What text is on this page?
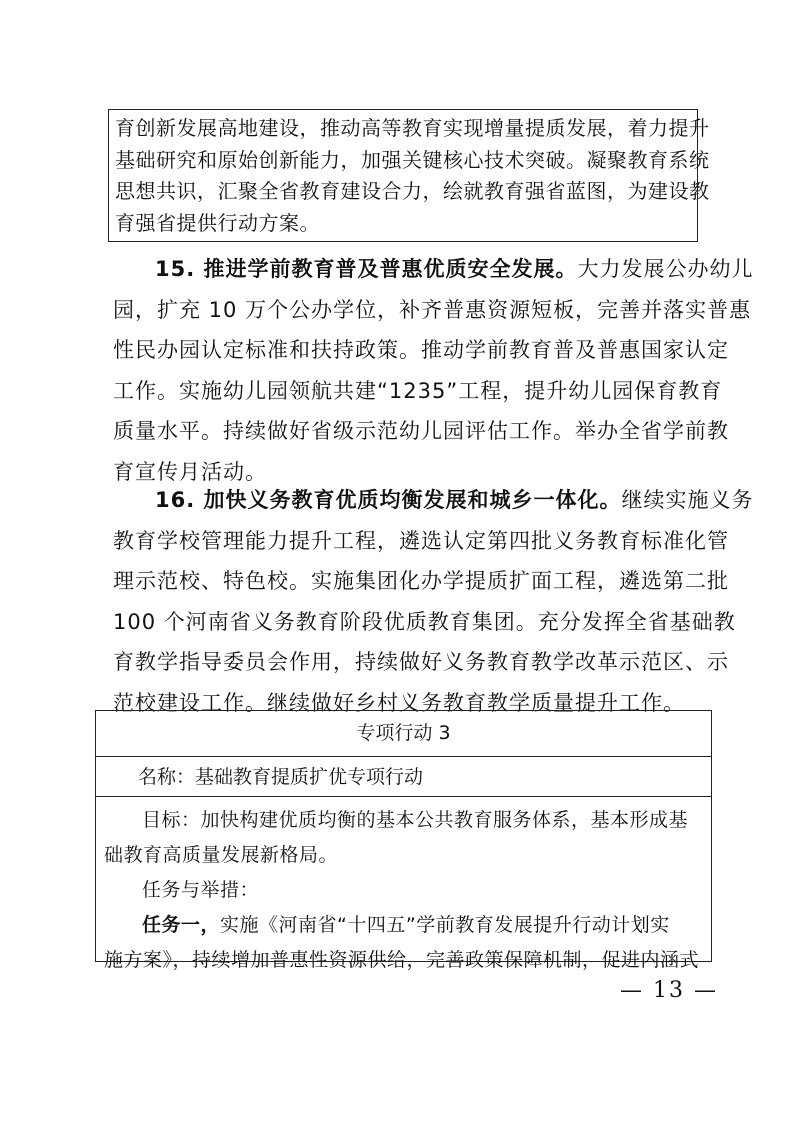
育创新发展高地建设，推动高等教育实现增量提质发展，着力提升
基础研究和原始创新能力，加强关键核心技术突破。凝聚教育系统
思想共识，汇聚全省教育建设合力，绘就教育强省蓝图，为建设教
育强省提供行动方案。
15. 推进学前教育普及普惠优质安全发展。大力发展公办幼儿
园，扩充 10 万个公办学位，补齐普惠资源短板，完善并落实普惠
性民办园认定标准和扶持政策。推动学前教育普及普惠国家认定
工作。实施幼儿园领航共建“1235”工程，提升幼儿园保育教育
质量水平。持续做好省级示范幼儿园评估工作。举办全省学前教
育宣传月活动。
16. 加快义务教育优质均衡发展和城乡一体化。继续实施义务
教育学校管理能力提升工程，遴选认定第四批义务教育标准化管
理示范校、特色校。实施集团化办学提质扩面工程，遴选第二批
100 个河南省义务教育阶段优质教育集团。充分发挥全省基础教
育教学指导委员会作用，持续做好义务教育教学改革示范区、示
范校建设工作。继续做好乡村义务教育教学质量提升工作。
专项行动 3
名称：基础教育提质扩优专项行动
目标：加快构建优质均衡的基本公共教育服务体系，基本形成基
础教育高质量发展新格局。
任务与举措：
任务一，实施《河南省“十四五”学前教育发展提升行动计划实
施方案》，持续增加普惠性资源供给，完善政策保障机制，促进内涵式
— 13 —
